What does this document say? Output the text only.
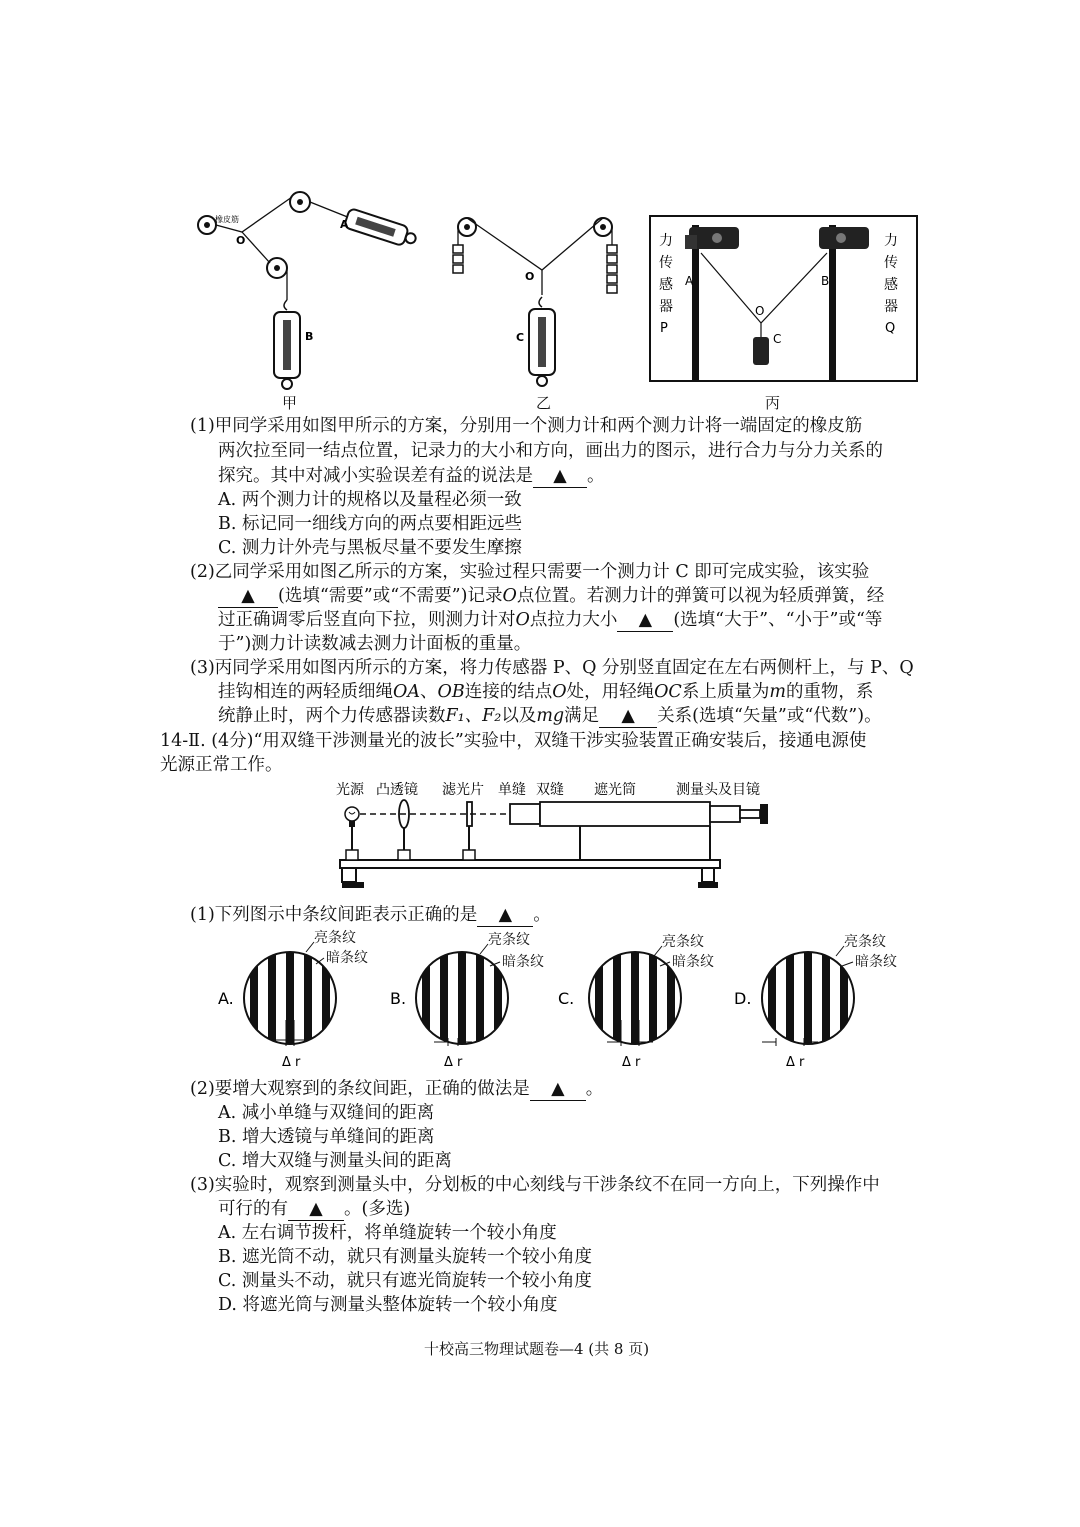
橡皮筋
O
A
B
甲
O
C
乙
力
传
感
器
P
力
传
感
器
Q
A	B
O
C
丙
(1)甲同学采用如图甲所示的方案，分别用一个测力计和两个测力计将一端固定的橡皮筋
两次拉至同一结点位置，记录力的大小和方向，画出力的图示，进行合力与分力关系的
探究。其中对减小实验误差有益的说法是 ▲ 。
A. 两个测力计的规格以及量程必须一致
B. 标记同一细线方向的两点要相距远些
C. 测力计外壳与黑板尽量不要发生摩擦
(2)乙同学采用如图乙所示的方案，实验过程只需要一个测力计 C 即可完成实验，该实验
▲ (选填“需要”或“不需要”)记录O点位置。若测力计的弹簧可以视为轻质弹簧，经
过正确调零后竖直向下拉，则测力计对O点拉力大小 ▲ (选填“大于”、“小于”或“等
于”)测力计读数减去测力计面板的重量。
(3)丙同学采用如图丙所示的方案，将力传感器 P、Q 分别竖直固定在左右两侧杆上，与 P、Q
挂钩相连的两轻质细绳OA、OB连接的结点O处，用轻绳OC系上质量为m的重物，系
统静止时，两个力传感器读数F₁、F₂以及mg满足 ▲ 关系(选填“矢量”或“代数”)。
14-Ⅱ. (4分)“用双缝干涉测量光的波长”实验中，双缝干涉实验装置正确安装后，接通电源使
光源正常工作。
光源 凸透镜 滤光片 单缝 双缝 遮光筒	测量头及目镜
(1)下列图示中条纹间距表示正确的是 ▲ 。
A.	B.	C.	D.
亮条纹
暗条纹
亮条纹
暗条纹
亮条纹
暗条纹
亮条纹
暗条纹
Δ r	Δ r	Δ r	Δ r
(2)要增大观察到的条纹间距，正确的做法是 ▲ 。
A. 减小单缝与双缝间的距离
B. 增大透镜与单缝间的距离
C. 增大双缝与测量头间的距离
(3)实验时，观察到测量头中，分划板的中心刻线与干涉条纹不在同一方向上，下列操作中
可行的有 ▲ 。(多选)
A. 左右调节拨杆，将单缝旋转一个较小角度
B. 遮光筒不动，就只有测量头旋转一个较小角度
C. 测量头不动，就只有遮光筒旋转一个较小角度
D. 将遮光筒与测量头整体旋转一个较小角度
十校高三物理试题卷—4 (共 8 页)
